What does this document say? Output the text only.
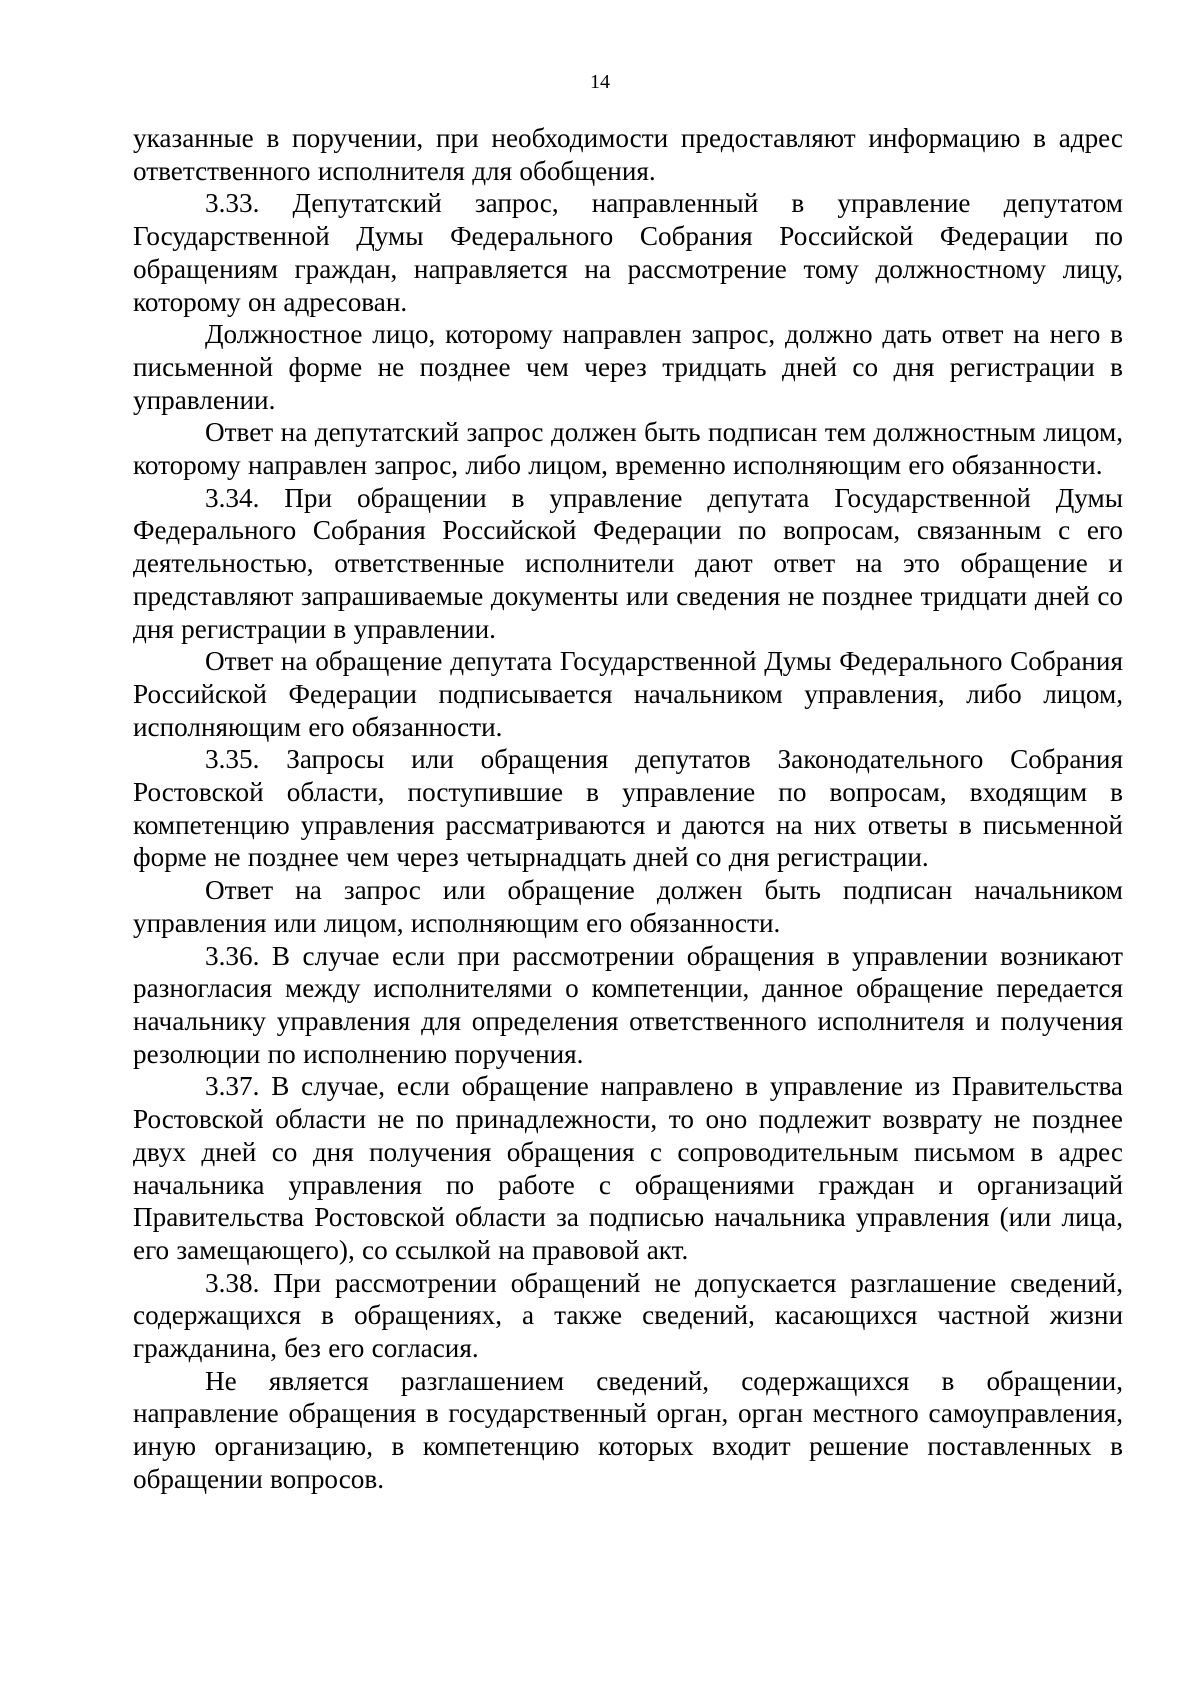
14

указанные в поручении, при необходимости предоставляют информацию в адрес ответственного исполнителя для обобщения.

3.33. Депутатский запрос, направленный в управление депутатом Государственной Думы Федерального Собрания Российской Федерации по обращениям граждан, направляется на рассмотрение тому должностному лицу, которому он адресован.

Должностное лицо, которому направлен запрос, должно дать ответ на него в письменной форме не позднее чем через тридцать дней со дня регистрации в управлении.

Ответ на депутатский запрос должен быть подписан тем должностным лицом, которому направлен запрос, либо лицом, временно исполняющим его обязанности.

3.34. При обращении в управление депутата Государственной Думы Федерального Собрания Российской Федерации по вопросам, связанным с его деятельностью, ответственные исполнители дают ответ на это обращение и представляют запрашиваемые документы или сведения не позднее тридцати дней со дня регистрации в управлении.

Ответ на обращение депутата Государственной Думы Федерального Собрания Российской Федерации подписывается начальником управления, либо лицом, исполняющим его обязанности.

3.35. Запросы или обращения депутатов Законодательного Собрания Ростовской области, поступившие в управление по вопросам, входящим в компетенцию управления рассматриваются и даются на них ответы в письменной форме не позднее чем через четырнадцать дней со дня регистрации.

Ответ на запрос или обращение должен быть подписан начальником управления или лицом, исполняющим его обязанности.

3.36. В случае если при рассмотрении обращения в управлении возникают разногласия между исполнителями о компетенции, данное обращение передается начальнику управления для определения ответственного исполнителя и получения резолюции по исполнению поручения.

3.37. В случае, если обращение направлено в управление из Правительства Ростовской области не по принадлежности, то оно подлежит возврату не позднее двух дней со дня получения обращения с сопроводительным письмом в адрес начальника управления по работе с обращениями граждан и организаций Правительства Ростовской области за подписью начальника управления (или лица, его замещающего), со ссылкой на правовой акт.

3.38. При рассмотрении обращений не допускается разглашение сведений, содержащихся в обращениях, а также сведений, касающихся частной жизни гражданина, без его согласия.

Не является разглашением сведений, содержащихся в обращении, направление обращения в государственный орган, орган местного самоуправления, иную организацию, в компетенцию которых входит решение поставленных в обращении вопросов.
